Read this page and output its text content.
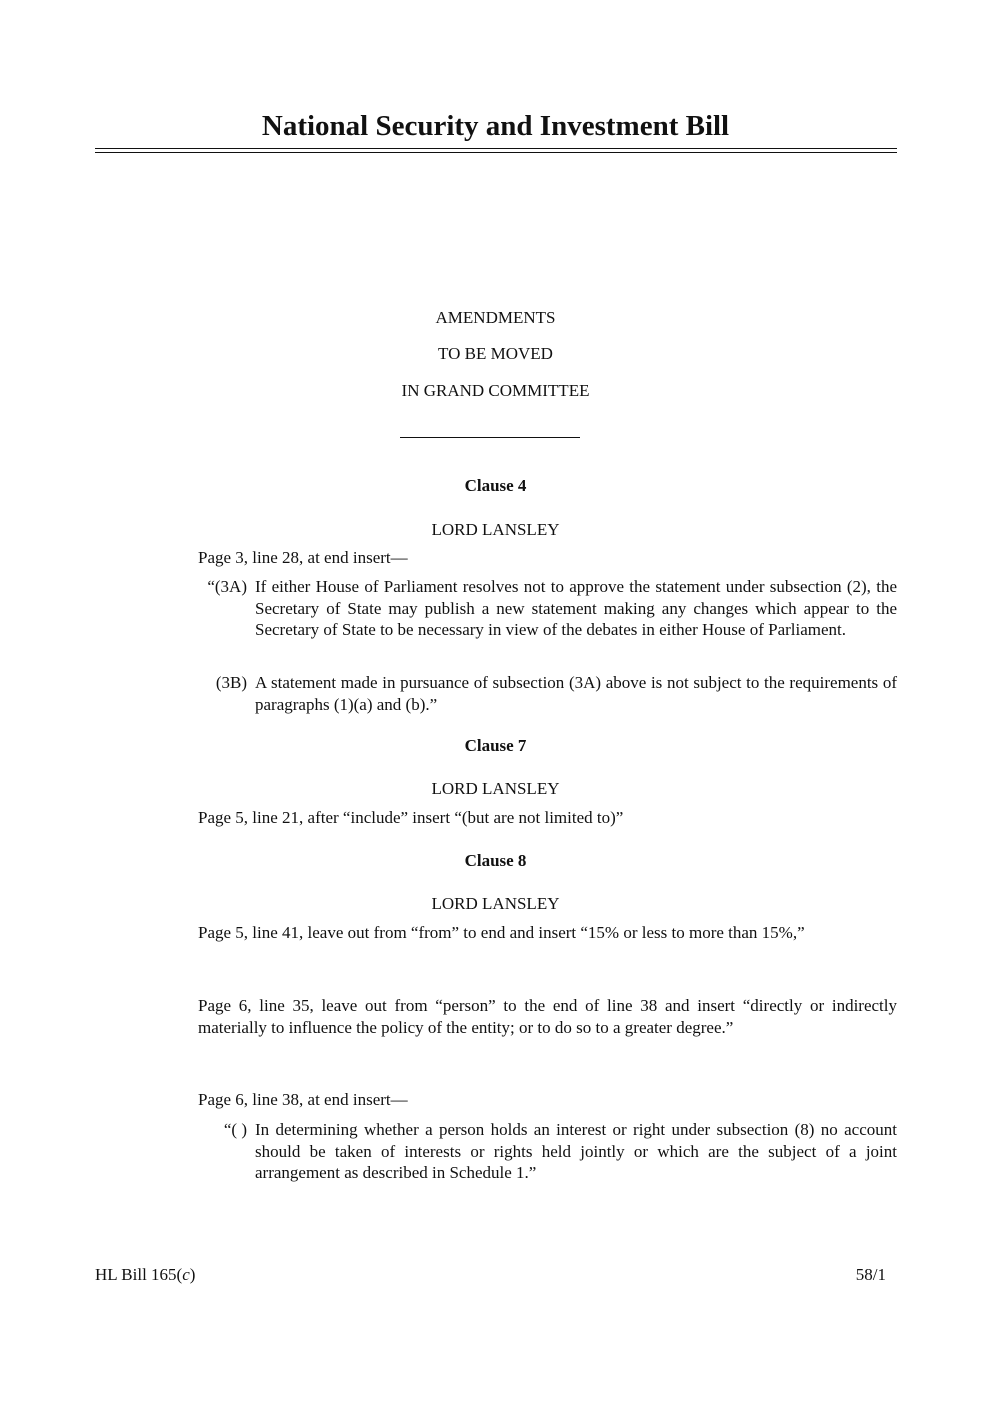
National Security and Investment Bill
AMENDMENTS
TO BE MOVED
IN GRAND COMMITTEE
Clause 4
LORD LANSLEY
Page 3, line 28, at end insert—
“(3A) If either House of Parliament resolves not to approve the statement under subsection (2), the Secretary of State may publish a new statement making any changes which appear to the Secretary of State to be necessary in view of the debates in either House of Parliament.
(3B) A statement made in pursuance of subsection (3A) above is not subject to the requirements of paragraphs (1)(a) and (b).”
Clause 7
LORD LANSLEY
Page 5, line 21, after “include” insert “(but are not limited to)”
Clause 8
LORD LANSLEY
Page 5, line 41, leave out from “from” to end and insert “15% or less to more than 15%,”
Page 6, line 35, leave out from “person” to the end of line 38 and insert “directly or indirectly materially to influence the policy of the entity; or to do so to a greater degree.”
Page 6, line 38, at end insert—
“( ) In determining whether a person holds an interest or right under subsection (8) no account should be taken of interests or rights held jointly or which are the subject of a joint arrangement as described in Schedule 1.”
HL Bill 165(c)	58/1
